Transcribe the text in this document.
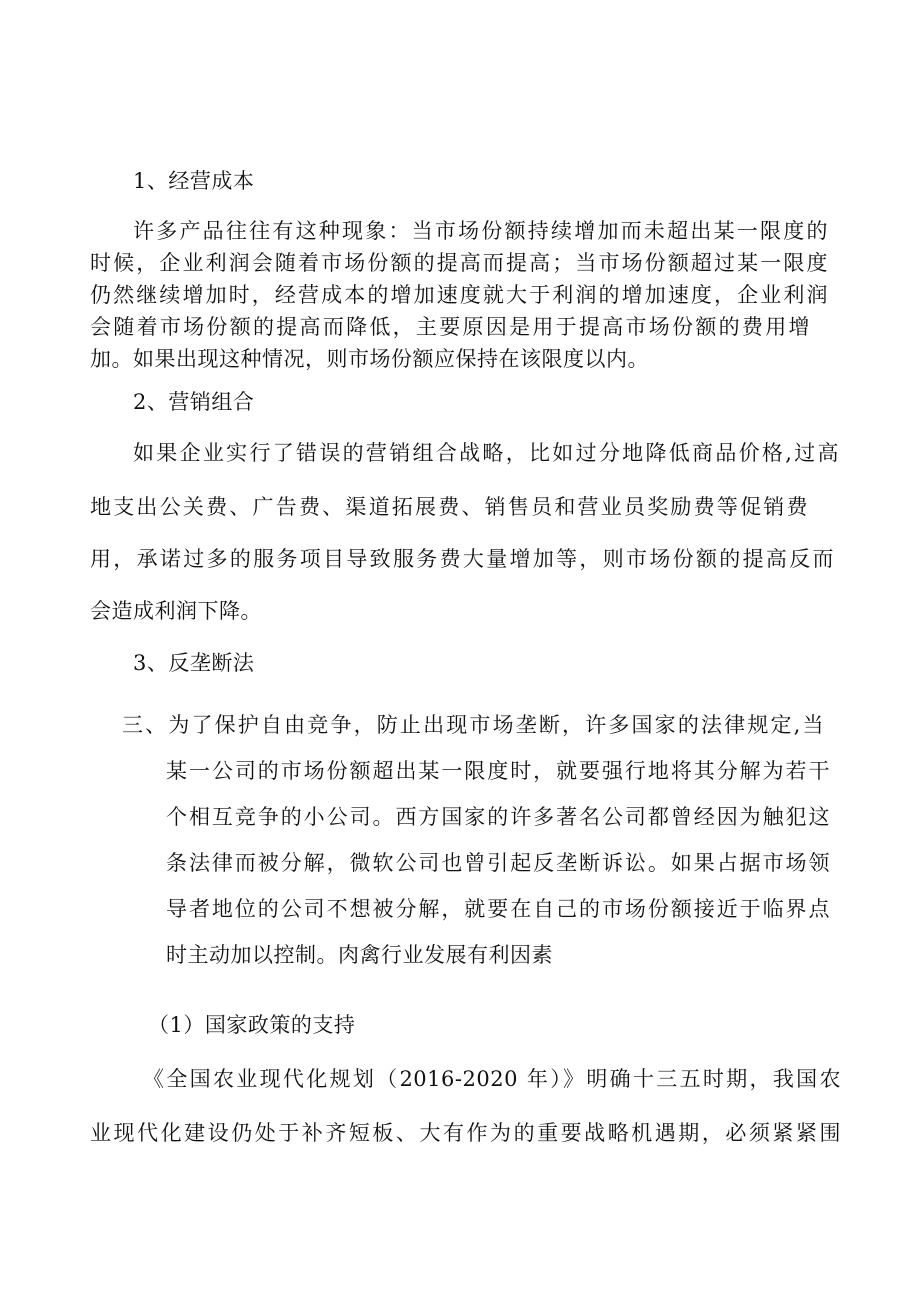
1、经营成本
许多产品往往有这种现象：当市场份额持续增加而未超出某一限度的
时候，企业利润会随着市场份额的提高而提高；当市场份额超过某一限度
仍然继续增加时，经营成本的增加速度就大于利润的增加速度，企业利润
会随着市场份额的提高而降低，主要原因是用于提高市场份额的费用增
加。如果出现这种情况，则市场份额应保持在该限度以内。
2、营销组合
如果企业实行了错误的营销组合战略，比如过分地降低商品价格,过高
地支出公关费、广告费、渠道拓展费、销售员和营业员奖励费等促销费
用，承诺过多的服务项目导致服务费大量增加等，则市场份额的提高反而
会造成利润下降。
3、反垄断法
三、为了保护自由竞争，防止出现市场垄断，许多国家的法律规定,当
某一公司的市场份额超出某一限度时，就要强行地将其分解为若干
个相互竞争的小公司。西方国家的许多著名公司都曾经因为触犯这
条法律而被分解，微软公司也曾引起反垄断诉讼。如果占据市场领
导者地位的公司不想被分解，就要在自己的市场份额接近于临界点
时主动加以控制。肉禽行业发展有利因素
（1）国家政策的支持
《全国农业现代化规划（2016-2020 年）》明确十三五时期，我国农
业现代化建设仍处于补齐短板、大有作为的重要战略机遇期，必须紧紧围
